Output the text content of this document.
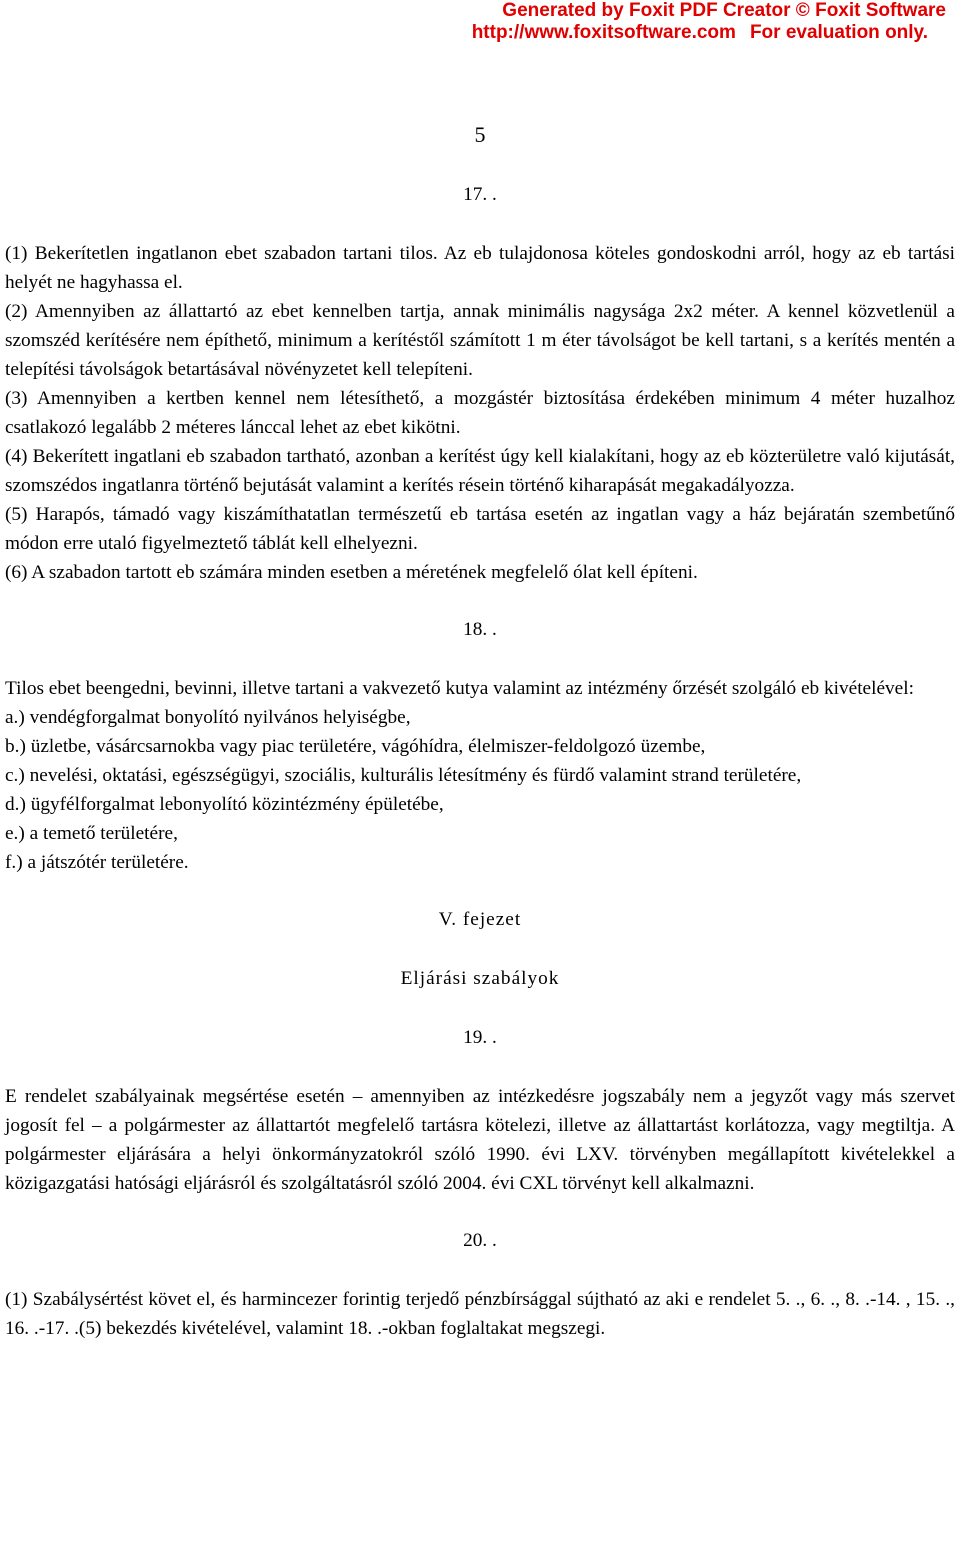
Generated by Foxit PDF Creator © Foxit Software
http://www.foxitsoftware.com For evaluation only.
5

17. .

(1) Bekerítetlen ingatlanon ebet szabadon tartani tilos. Az eb tulajdonosa köteles gondoskodni arról, hogy az eb tartási helyét ne hagyhassa el.

(2) Amennyiben az állattartó az ebet kennelben tartja, annak minimális nagysága 2x2 méter. A kennel közvetlenül a szomszéd kerítésére nem építhető, minimum a kerítéstől számított 1 m éter távolságot be kell tartani, s a kerítés mentén a telepítési távolságok betartásával növényzetet kell telepíteni.

(3) Amennyiben a kertben kennel nem létesíthető, a mozgástér biztosítása érdekében minimum 4 méter huzalhoz csatlakozó legalább 2 méteres lánccal lehet az ebet kikötni.

(4) Bekerített ingatlani eb szabadon tartható, azonban a kerítést úgy kell kialakítani, hogy az eb közterületre való kijutását, szomszédos ingatlanra történő bejutását valamint a kerítés résein történő kiharapását megakadályozza.

(5) Harapós, támadó vagy kiszámíthatatlan természetű eb tartása esetén az ingatlan vagy a ház bejáratán szembetűnő módon erre utaló figyelmeztető táblát kell elhelyezni.

(6) A szabadon tartott eb számára minden esetben a méretének megfelelő ólat kell építeni.

18. .

Tilos ebet beengedni, bevinni, illetve tartani a vakvezető kutya valamint az intézmény őrzését szolgáló eb kivételével:

a.) vendégforgalmat bonyolító nyilvános helyiségbe,

b.) üzletbe, vásárcsarnokba vagy piac területére, vágóhídra, élelmiszer-feldolgozó üzembe,

c.) nevelési, oktatási, egészségügyi, szociális, kulturális létesítmény és fürdő valamint strand területére,

d.) ügyfélforgalmat lebonyolító közintézmény épületébe,

e.) a temető területére,

f.) a játszótér területére.

V. fejezet

Eljárási szabályok

19. .

E rendelet szabályainak megsértése esetén – amennyiben az intézkedésre jogszabály nem a jegyzőt vagy más szervet jogosít fel – a polgármester az állattartót megfelelő tartásra kötelezi, illetve az állattartást korlátozza, vagy megtiltja. A polgármester eljárására a helyi önkormányzatokról szóló 1990. évi LXV. törvényben megállapított kivételekkel a közigazgatási hatósági eljárásról és szolgáltatásról szóló 2004. évi CXL törvényt kell alkalmazni.

20. .

(1) Szabálysértést követ el, és harmincezer forintig terjedő pénzbírsággal sújtható az aki e rendelet 5. ., 6. ., 8. .-14. , 15. ., 16. .-17. .(5) bekezdés kivételével, valamint 18. .-okban foglaltakat megszegi.
